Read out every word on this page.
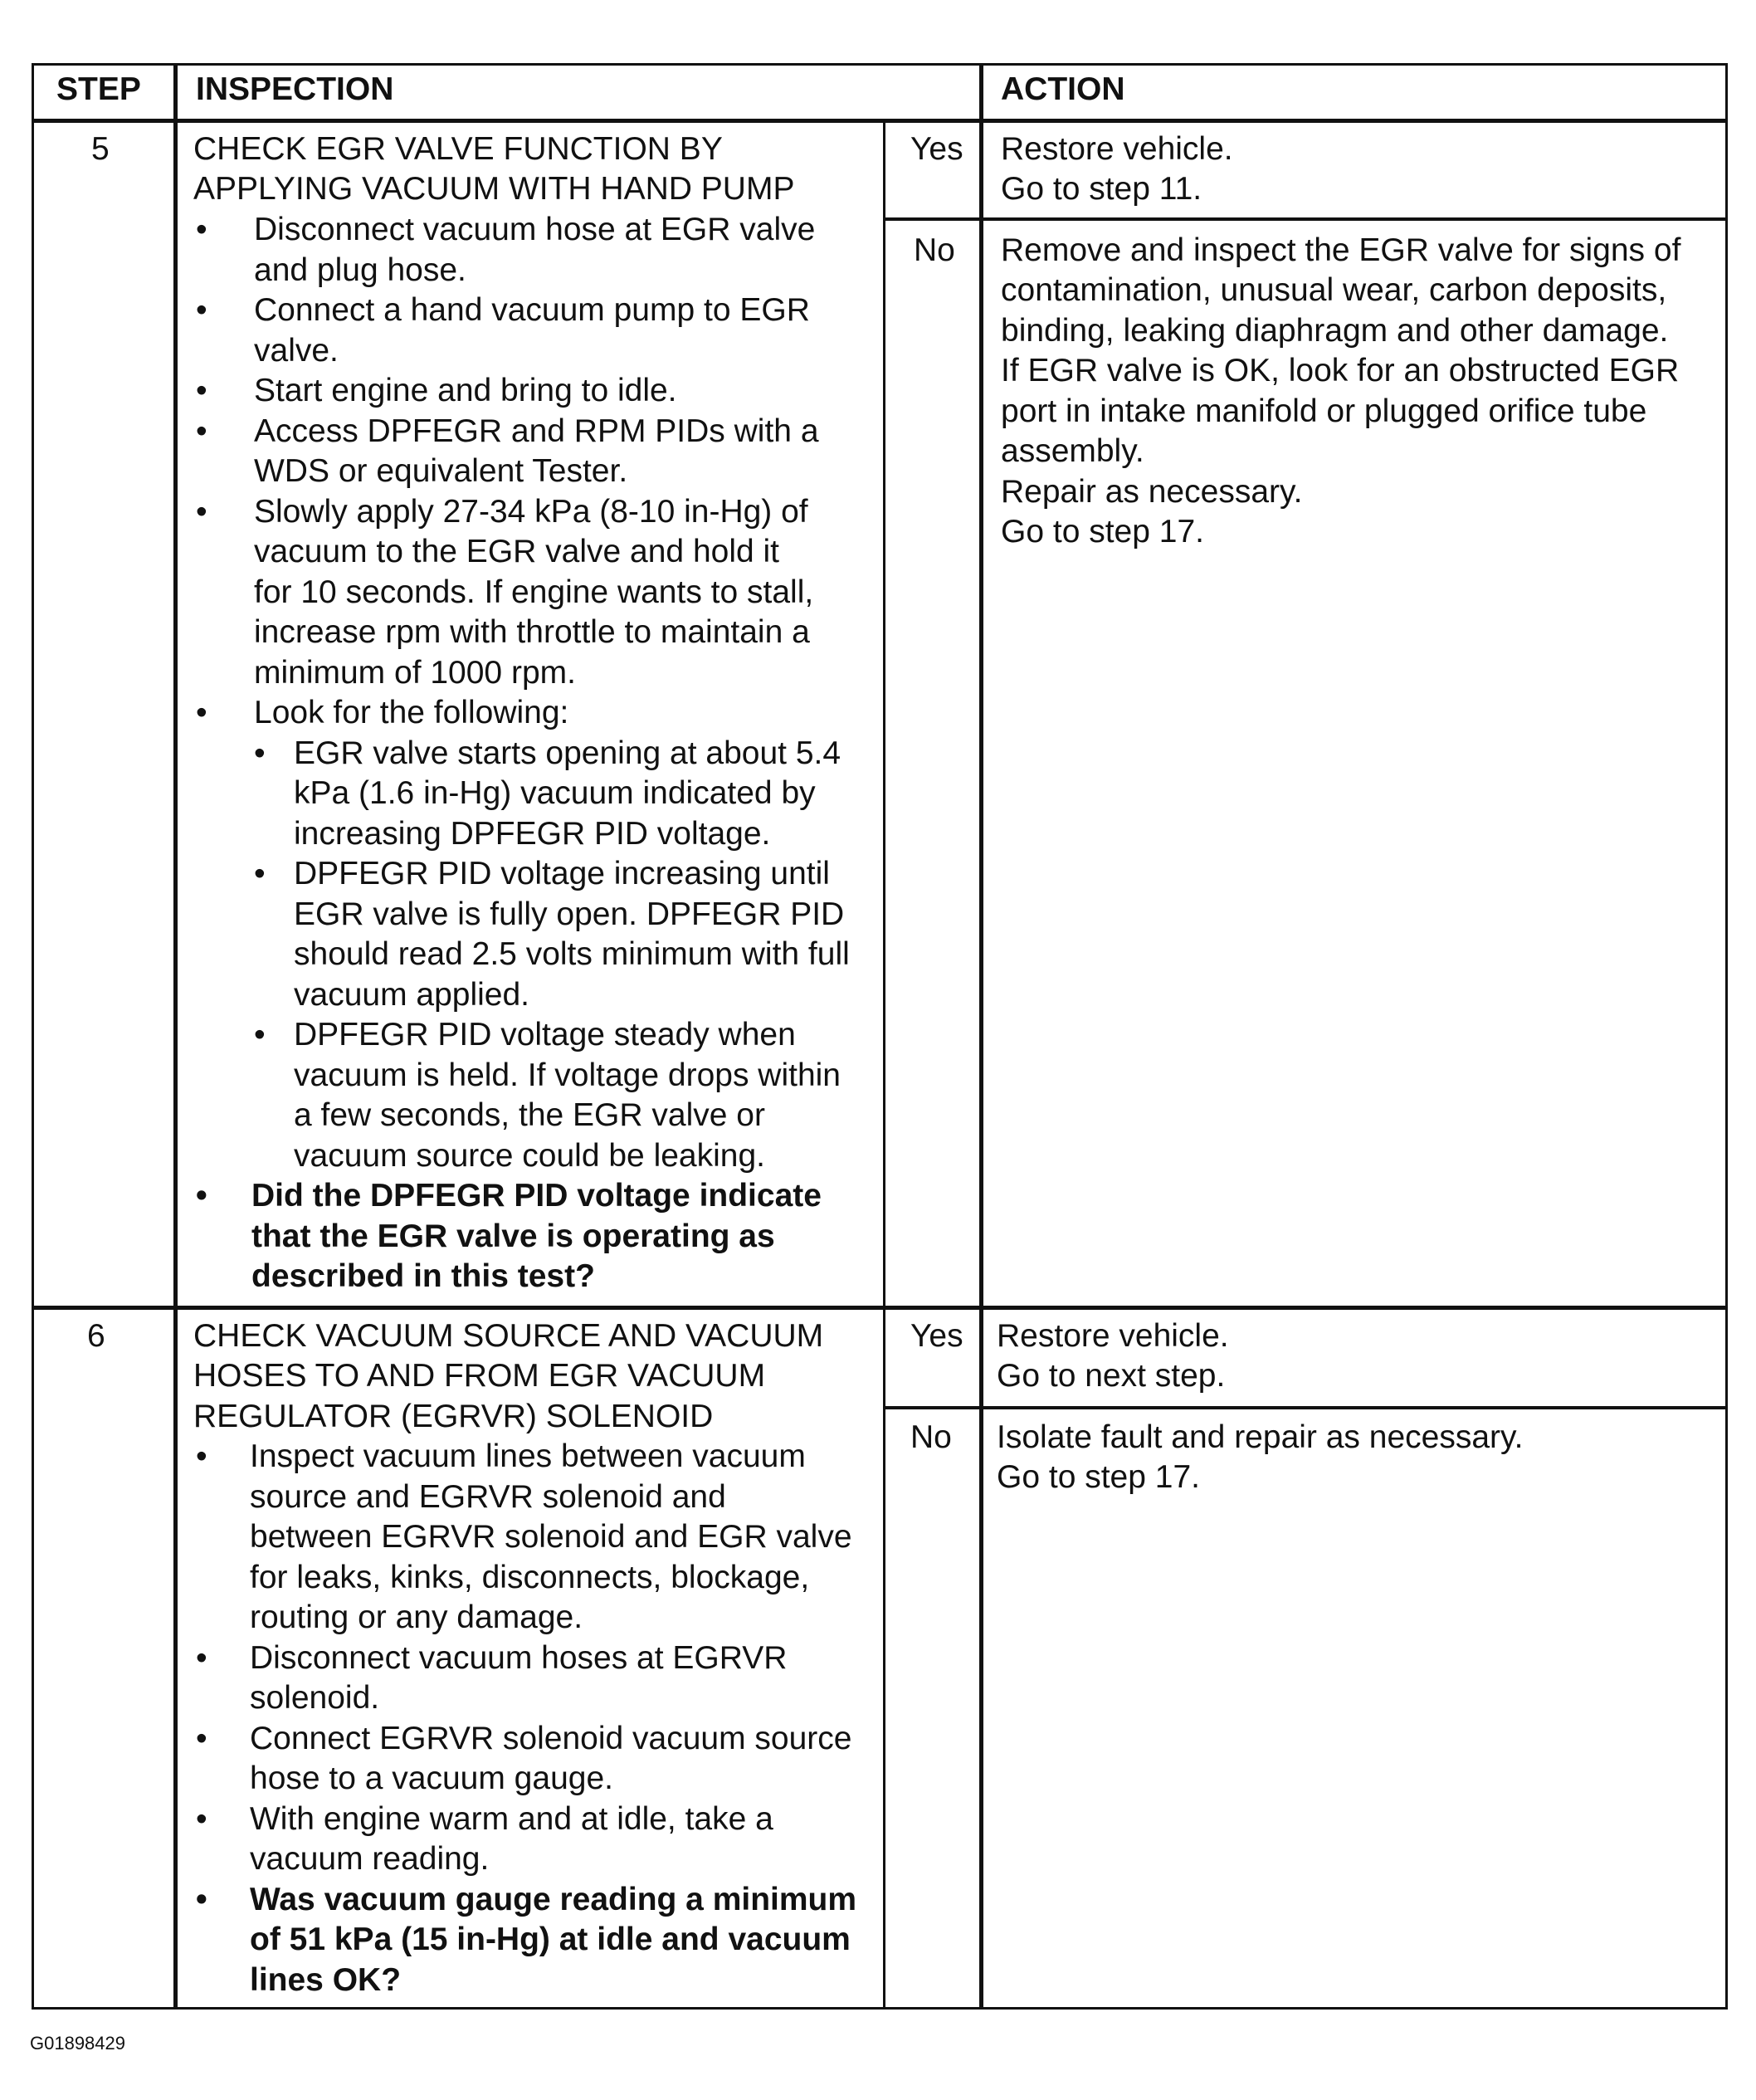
STEP INSPECTION	ACTION
5	CHECK EGR VALVE FUNCTION BY
APPLYING VACUUM WITH HAND PUMP
• Disconnect vacuum hose at EGR valve
and plug hose.
• Connect a hand vacuum pump to EGR
valve.
• Start engine and bring to idle.
• Access DPFEGR and RPM PIDs with a
WDS or equivalent Tester.
• Slowly apply 27-34 kPa (8-10 in-Hg) of
vacuum to the EGR valve and hold it
for 10 seconds. If engine wants to stall,
increase rpm with throttle to maintain a
minimum of 1000 rpm.
• Look for the following:
• EGR valve starts opening at about 5.4
kPa (1.6 in-Hg) vacuum indicated by
increasing DPFEGR PID voltage.
• DPFEGR PID voltage increasing until
EGR valve is fully open. DPFEGR PID
should read 2.5 volts minimum with full
vacuum applied.
• DPFEGR PID voltage steady when
vacuum is held. If voltage drops within
a few seconds, the EGR valve or
vacuum source could be leaking.
• Did the DPFEGR PID voltage indicate
that the EGR valve is operating as
described in this test?
Yes Restore vehicle.
Go to step 11.
No Remove and inspect the EGR valve for signs of
contamination, unusual wear, carbon deposits,
binding, leaking diaphragm and other damage.
If EGR valve is OK, look for an obstructed EGR
port in intake manifold or plugged orifice tube
assembly.
Repair as necessary.
Go to step 17.
6	CHECK VACUUM SOURCE AND VACUUM
HOSES TO AND FROM EGR VACUUM
REGULATOR (EGRVR) SOLENOID
• Inspect vacuum lines between vacuum
source and EGRVR solenoid and
between EGRVR solenoid and EGR valve
for leaks, kinks, disconnects, blockage,
routing or any damage.
• Disconnect vacuum hoses at EGRVR
solenoid.
• Connect EGRVR solenoid vacuum source
hose to a vacuum gauge.
• With engine warm and at idle, take a
vacuum reading.
• Was vacuum gauge reading a minimum
of 51 kPa (15 in-Hg) at idle and vacuum
lines OK?
Yes Restore vehicle.
Go to next step.
No Isolate fault and repair as necessary.
Go to step 17.
G01898429
